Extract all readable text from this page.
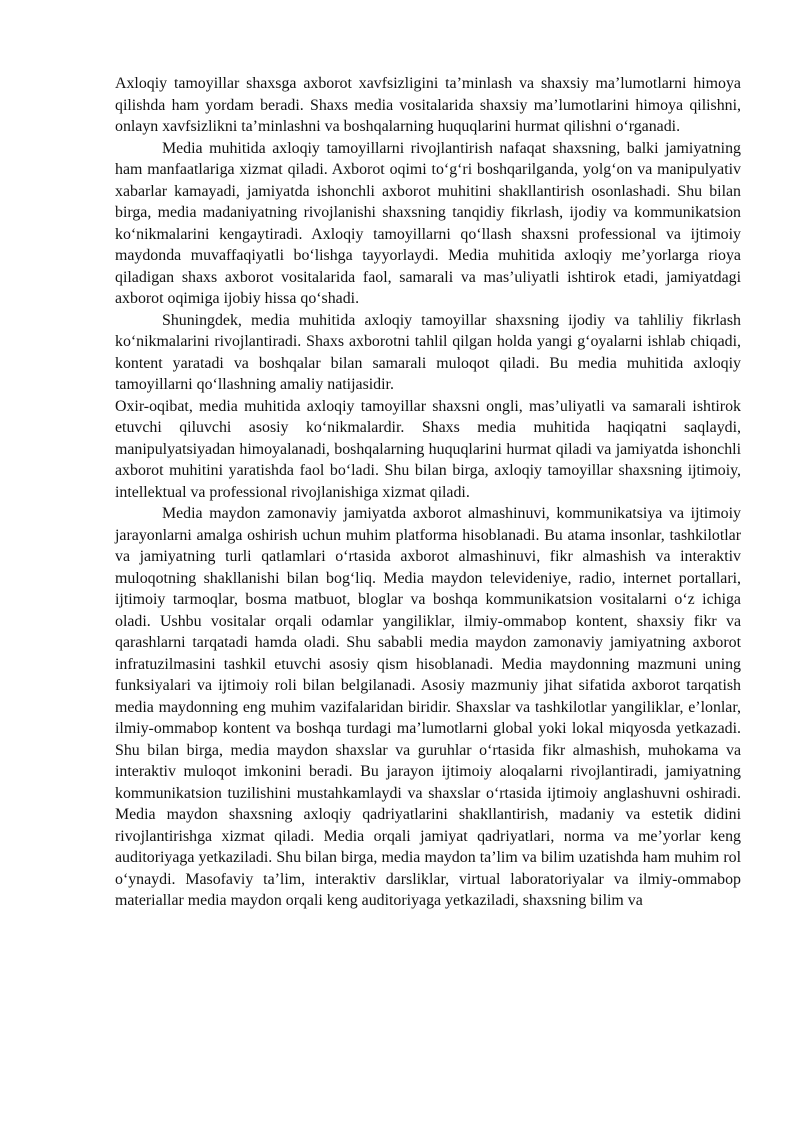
Axloqiy tamoyillar shaxsga axborot xavfsizligini ta’minlash va shaxsiy ma’lumotlarni himoya qilishda ham yordam beradi. Shaxs media vositalarida shaxsiy ma’lumotlarini himoya qilishni, onlayn xavfsizlikni ta’minlashni va boshqalarning huquqlarini hurmat qilishni o‘rganadi.

Media muhitida axloqiy tamoyillarni rivojlantirish nafaqat shaxsning, balki jamiyatning ham manfaatlariga xizmat qiladi. Axborot oqimi to‘g‘ri boshqarilganda, yolg‘on va manipulyativ xabarlar kamayadi, jamiyatda ishonchli axborot muhitini shakllantirish osonlashadi. Shu bilan birga, media madaniyatning rivojlanishi shaxsning tanqidiy fikrlash, ijodiy va kommunikatsion ko‘nikmalarini kengaytiradi. Axloqiy tamoyillarni qo‘llash shaxsni professional va ijtimoiy maydonda muvaffaqiyatli bo‘lishga tayyorlaydi. Media muhitida axloqiy me’yorlarga rioya qiladigan shaxs axborot vositalarida faol, samarali va mas’uliyatli ishtirok etadi, jamiyatdagi axborot oqimiga ijobiy hissa qo‘shadi.

Shuningdek, media muhitida axloqiy tamoyillar shaxsning ijodiy va tahliliy fikrlash ko‘nikmalarini rivojlantiradi. Shaxs axborotni tahlil qilgan holda yangi g‘oyalarni ishlab chiqadi, kontent yaratadi va boshqalar bilan samarali muloqot qiladi. Bu media muhitida axloqiy tamoyillarni qo‘llashning amaliy natijasidir.

Oxir-oqibat, media muhitida axloqiy tamoyillar shaxsni ongli, mas’uliyatli va samarali ishtirok etuvchi qiluvchi asosiy ko‘nikmalardir. Shaxs media muhitida haqiqatni saqlaydi, manipulyatsiyadan himoyalanadi, boshqalarning huquqlarini hurmat qiladi va jamiyatda ishonchli axborot muhitini yaratishda faol bo‘ladi. Shu bilan birga, axloqiy tamoyillar shaxsning ijtimoiy, intellektual va professional rivojlanishiga xizmat qiladi.

Media maydon zamonaviy jamiyatda axborot almashinuvi, kommunikatsiya va ijtimoiy jarayonlarni amalga oshirish uchun muhim platforma hisoblanadi. Bu atama insonlar, tashkilotlar va jamiyatning turli qatlamlari o‘rtasida axborot almashinuvi, fikr almashish va interaktiv muloqotning shakllanishi bilan bog‘liq. Media maydon televideniye, radio, internet portallari, ijtimoiy tarmoqlar, bosma matbuot, bloglar va boshqa kommunikatsion vositalarni o‘z ichiga oladi. Ushbu vositalar orqali odamlar yangiliklar, ilmiy-ommabop kontent, shaxsiy fikr va qarashlarni tarqatadi hamda oladi. Shu sababli media maydon zamonaviy jamiyatning axborot infratuzilmasini tashkil etuvchi asosiy qism hisoblanadi. Media maydonning mazmuni uning funksiyalari va ijtimoiy roli bilan belgilanadi. Asosiy mazmuniy jihat sifatida axborot tarqatish media maydonning eng muhim vazifalaridan biridir. Shaxslar va tashkilotlar yangiliklar, e’lonlar, ilmiy-ommabop kontent va boshqa turdagi ma’lumotlarni global yoki lokal miqyosda yetkazadi. Shu bilan birga, media maydon shaxslar va guruhlar o‘rtasida fikr almashish, muhokama va interaktiv muloqot imkonini beradi. Bu jarayon ijtimoiy aloqalarni rivojlantiradi, jamiyatning kommunikatsion tuzilishini mustahkamlaydi va shaxslar o‘rtasida ijtimoiy anglashuvni oshiradi. Media maydon shaxsning axloqiy qadriyatlarini shakllantirish, madaniy va estetik didini rivojlantirishga xizmat qiladi. Media orqali jamiyat qadriyatlari, norma va me’yorlar keng auditoriyaga yetkaziladi. Shu bilan birga, media maydon ta’lim va bilim uzatishda ham muhim rol o‘ynaydi. Masofaviy ta’lim, interaktiv darsliklar, virtual laboratoriyalar va ilmiy-ommabop materiallar media maydon orqali keng auditoriyaga yetkaziladi, shaxsning bilim va
